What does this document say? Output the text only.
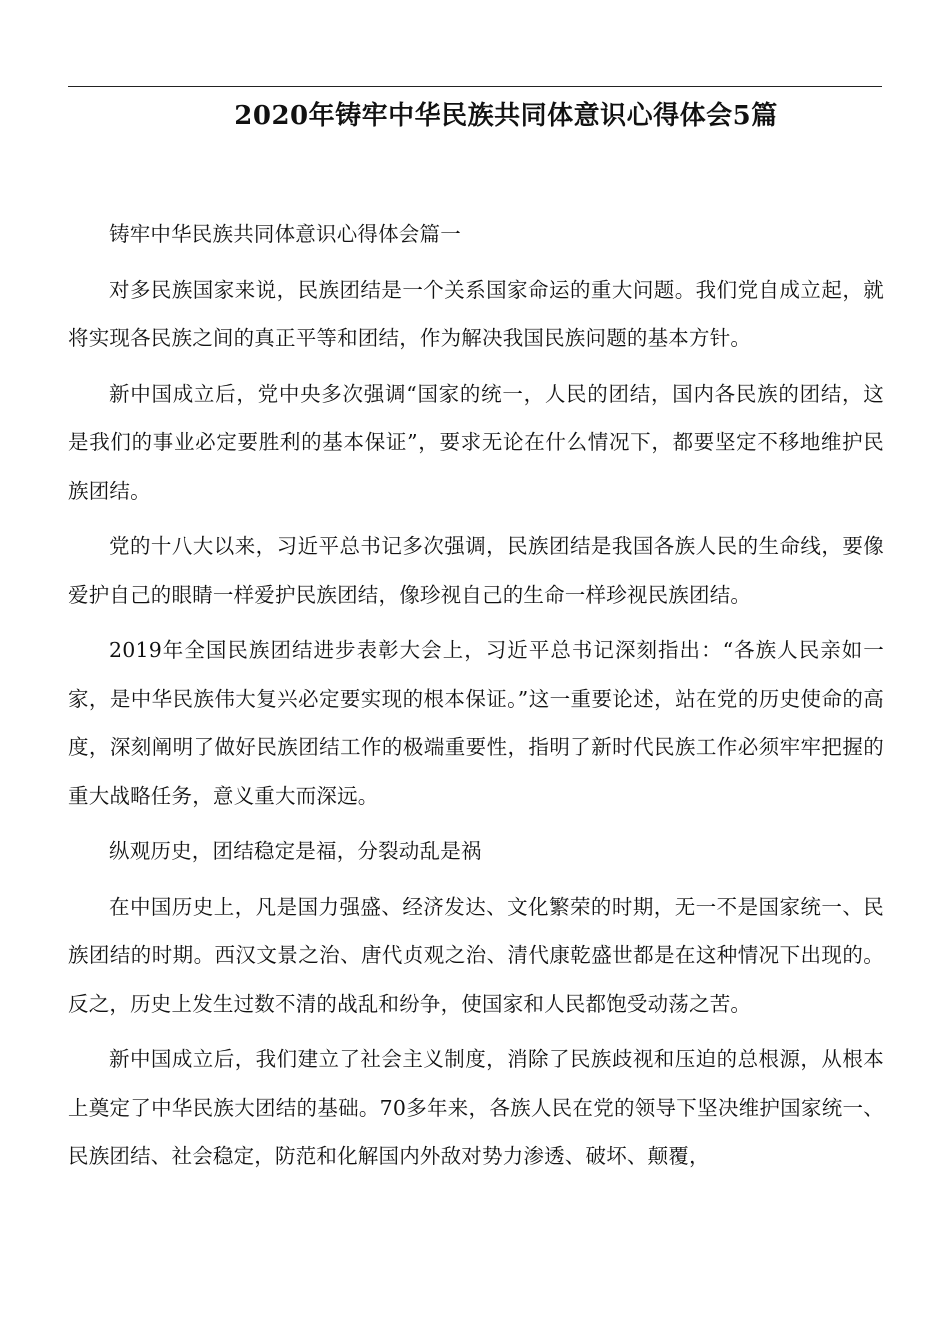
2020年铸牢中华民族共同体意识心得体会5篇

铸牢中华民族共同体意识心得体会篇一

对多民族国家来说，民族团结是一个关系国家命运的重大问题。我们党自成立起，就将实现各民族之间的真正平等和团结，作为解决我国民族问题的基本方针。

新中国成立后，党中央多次强调“国家的统一，人民的团结，国内各民族的团结，这是我们的事业必定要胜利的基本保证”，要求无论在什么情况下，都要坚定不移地维护民族团结。

党的十八大以来，习近平总书记多次强调，民族团结是我国各族人民的生命线，要像爱护自己的眼睛一样爱护民族团结，像珍视自己的生命一样珍视民族团结。

2019年全国民族团结进步表彰大会上，习近平总书记深刻指出：“各族人民亲如一家，是中华民族伟大复兴必定要实现的根本保证。”这一重要论述，站在党的历史使命的高度，深刻阐明了做好民族团结工作的极端重要性，指明了新时代民族工作必须牢牢把握的重大战略任务，意义重大而深远。

纵观历史，团结稳定是福，分裂动乱是祸

在中国历史上，凡是国力强盛、经济发达、文化繁荣的时期，无一不是国家统一、民族团结的时期。西汉文景之治、唐代贞观之治、清代康乾盛世都是在这种情况下出现的。反之，历史上发生过数不清的战乱和纷争，使国家和人民都饱受动荡之苦。

新中国成立后，我们建立了社会主义制度，消除了民族歧视和压迫的总根源，从根本上奠定了中华民族大团结的基础。70多年来，各族人民在党的领导下坚决维护国家统一、民族团结、社会稳定，防范和化解国内外敌对势力渗透、破坏、颠覆，
